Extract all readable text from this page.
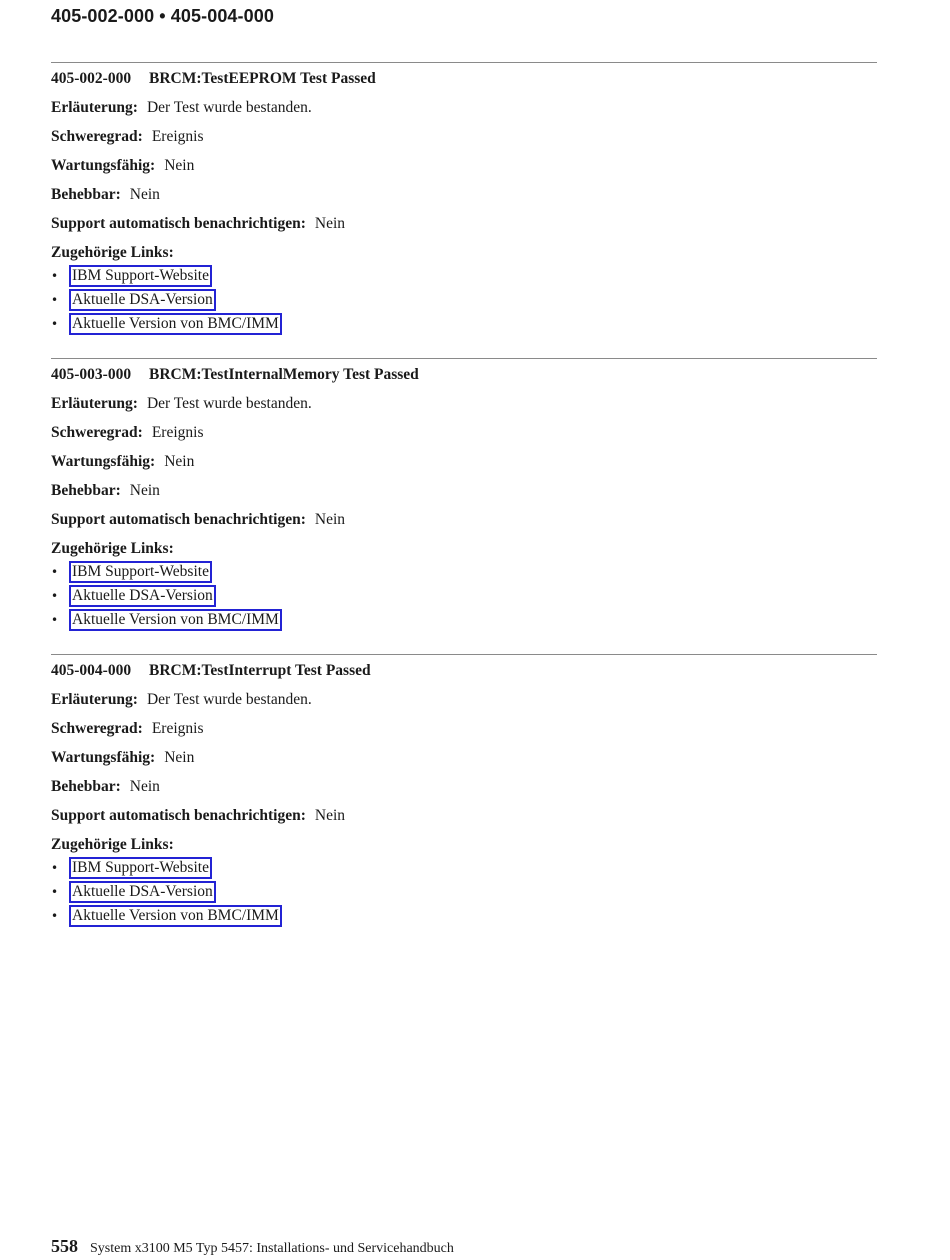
405-002-000 • 405-004-000
405-002-000 BRCM:TestEEPROM Test Passed
Erläuterung: Der Test wurde bestanden.
Schweregrad: Ereignis
Wartungsfähig: Nein
Behebbar: Nein
Support automatisch benachrichtigen: Nein
Zugehörige Links:
• IBM Support-Website
• Aktuelle DSA-Version
• Aktuelle Version von BMC/IMM
405-003-000 BRCM:TestInternalMemory Test Passed
Erläuterung: Der Test wurde bestanden.
Schweregrad: Ereignis
Wartungsfähig: Nein
Behebbar: Nein
Support automatisch benachrichtigen: Nein
Zugehörige Links:
• IBM Support-Website
• Aktuelle DSA-Version
• Aktuelle Version von BMC/IMM
405-004-000 BRCM:TestInterrupt Test Passed
Erläuterung: Der Test wurde bestanden.
Schweregrad: Ereignis
Wartungsfähig: Nein
Behebbar: Nein
Support automatisch benachrichtigen: Nein
Zugehörige Links:
• IBM Support-Website
• Aktuelle DSA-Version
• Aktuelle Version von BMC/IMM
558 System x3100 M5 Typ 5457: Installations- und Servicehandbuch
